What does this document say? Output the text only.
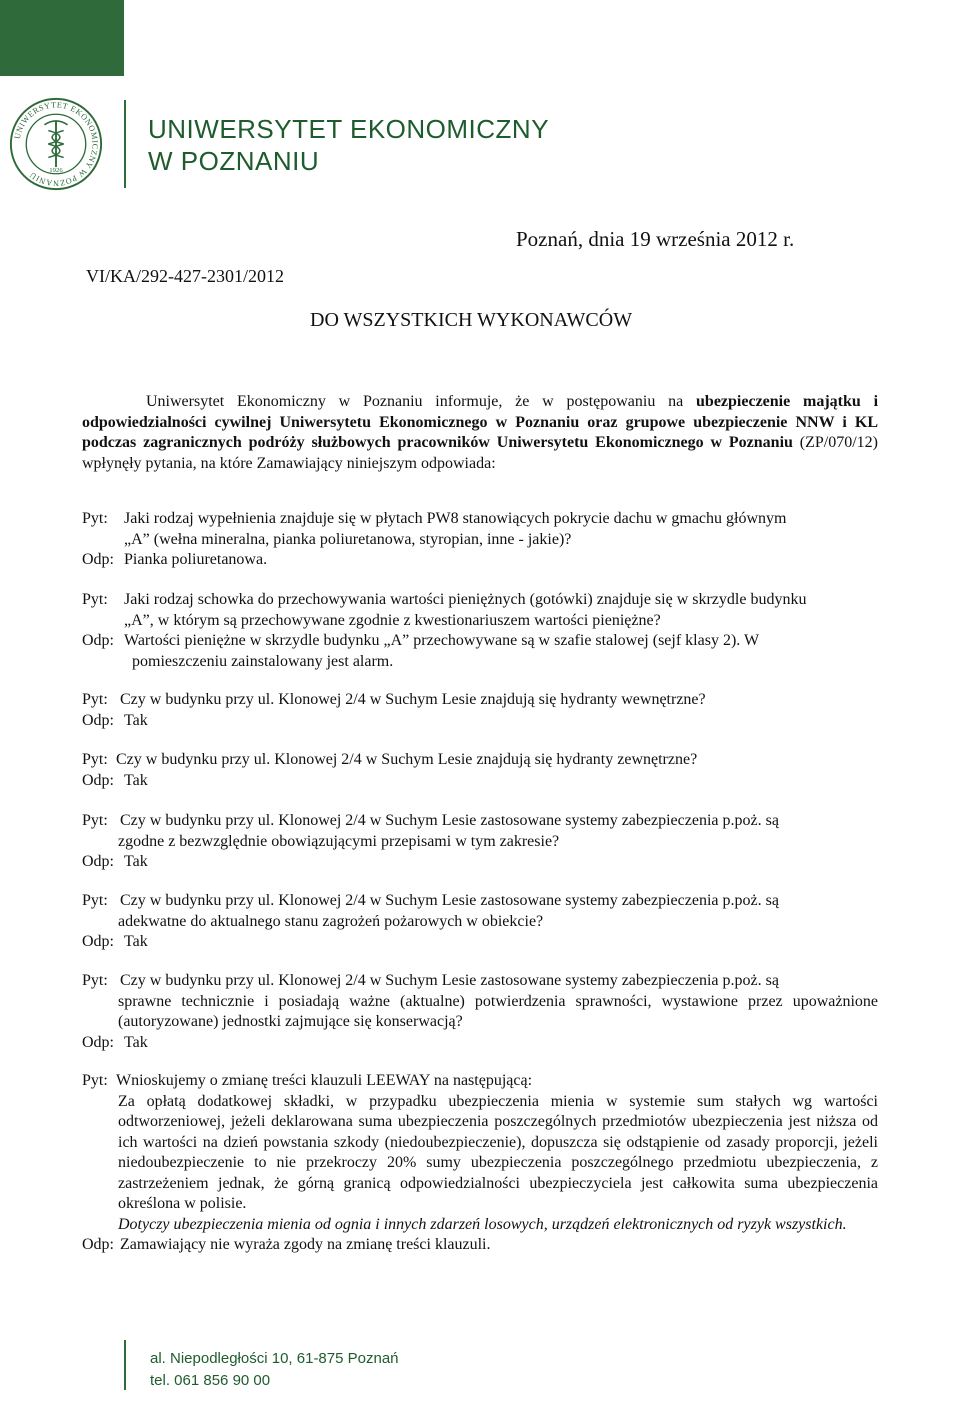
UNIWERSYTET EKONOMICZNY W POZNANIU	1926
UNIWERSYTET EKONOMICZNY
W POZNANIU
Poznań, dnia 19 września 2012 r.
VI/KA/292-427-2301/2012
DO WSZYSTKICH WYKONAWCÓW
Uniwersytet Ekonomiczny w Poznaniu informuje, że w postępowaniu na ubezpieczenie majątku i odpowiedzialności cywilnej Uniwersytetu Ekonomicznego w Poznaniu oraz grupowe ubezpieczenie NNW i KL podczas zagranicznych podróży służbowych pracowników Uniwersytetu Ekonomicznego w Poznaniu (ZP/070/12) wpłynęły pytania, na które Zamawiający niniejszym odpowiada:
Pyt:	Jaki rodzaj wypełnienia znajduje się w płytach PW8 stanowiących pokrycie dachu w gmachu głównym
„A” (wełna mineralna, pianka poliuretanowa, styropian, inne - jakie)?
Odp: Pianka poliuretanowa.
Pyt:	Jaki rodzaj schowka do przechowywania wartości pieniężnych (gotówki) znajduje się w skrzydle budynku
„A”, w którym są przechowywane zgodnie z kwestionariuszem wartości pieniężne?
Odp: Wartości pieniężne w skrzydle budynku „A” przechowywane są w szafie stalowej (sejf klasy 2). W
pomieszczeniu zainstalowany jest alarm.
Pyt: Czy w budynku przy ul. Klonowej 2/4 w Suchym Lesie znajdują się hydranty wewnętrzne?
Odp: Tak
Pyt: Czy w budynku przy ul. Klonowej 2/4 w Suchym Lesie znajdują się hydranty zewnętrzne?
Odp: Tak
Pyt: Czy w budynku przy ul. Klonowej 2/4 w Suchym Lesie zastosowane systemy zabezpieczenia p.poż. są
zgodne z bezwzględnie obowiązującymi przepisami w tym zakresie?
Odp: Tak
Pyt: Czy w budynku przy ul. Klonowej 2/4 w Suchym Lesie zastosowane systemy zabezpieczenia p.poż. są
adekwatne do aktualnego stanu zagrożeń pożarowych w obiekcie?
Odp: Tak
Pyt: Czy w budynku przy ul. Klonowej 2/4 w Suchym Lesie zastosowane systemy zabezpieczenia p.poż. są
sprawne technicznie i posiadają ważne (aktualne) potwierdzenia sprawności, wystawione przez upoważnione (autoryzowane) jednostki zajmujące się konserwacją?
Odp: Tak
Pyt: Wnioskujemy o zmianę treści klauzuli LEEWAY na następującą:
Za opłatą dodatkowej składki, w przypadku ubezpieczenia mienia w systemie sum stałych wg wartości odtworzeniowej, jeżeli deklarowana suma ubezpieczenia poszczególnych przedmiotów ubezpieczenia jest niższa od ich wartości na dzień powstania szkody (niedoubezpieczenie), dopuszcza się odstąpienie od zasady proporcji, jeżeli niedoubezpieczenie to nie przekroczy 20% sumy ubezpieczenia poszczególnego przedmiotu ubezpieczenia, z zastrzeżeniem jednak, że górną granicą odpowiedzialności ubezpieczyciela jest całkowita suma ubezpieczenia określona w polisie.
Dotyczy ubezpieczenia mienia od ognia i innych zdarzeń losowych, urządzeń elektronicznych od ryzyk wszystkich.
Odp: Zamawiający nie wyraża zgody na zmianę treści klauzuli.
al. Niepodległości 10, 61-875 Poznań
tel. 061 856 90 00
